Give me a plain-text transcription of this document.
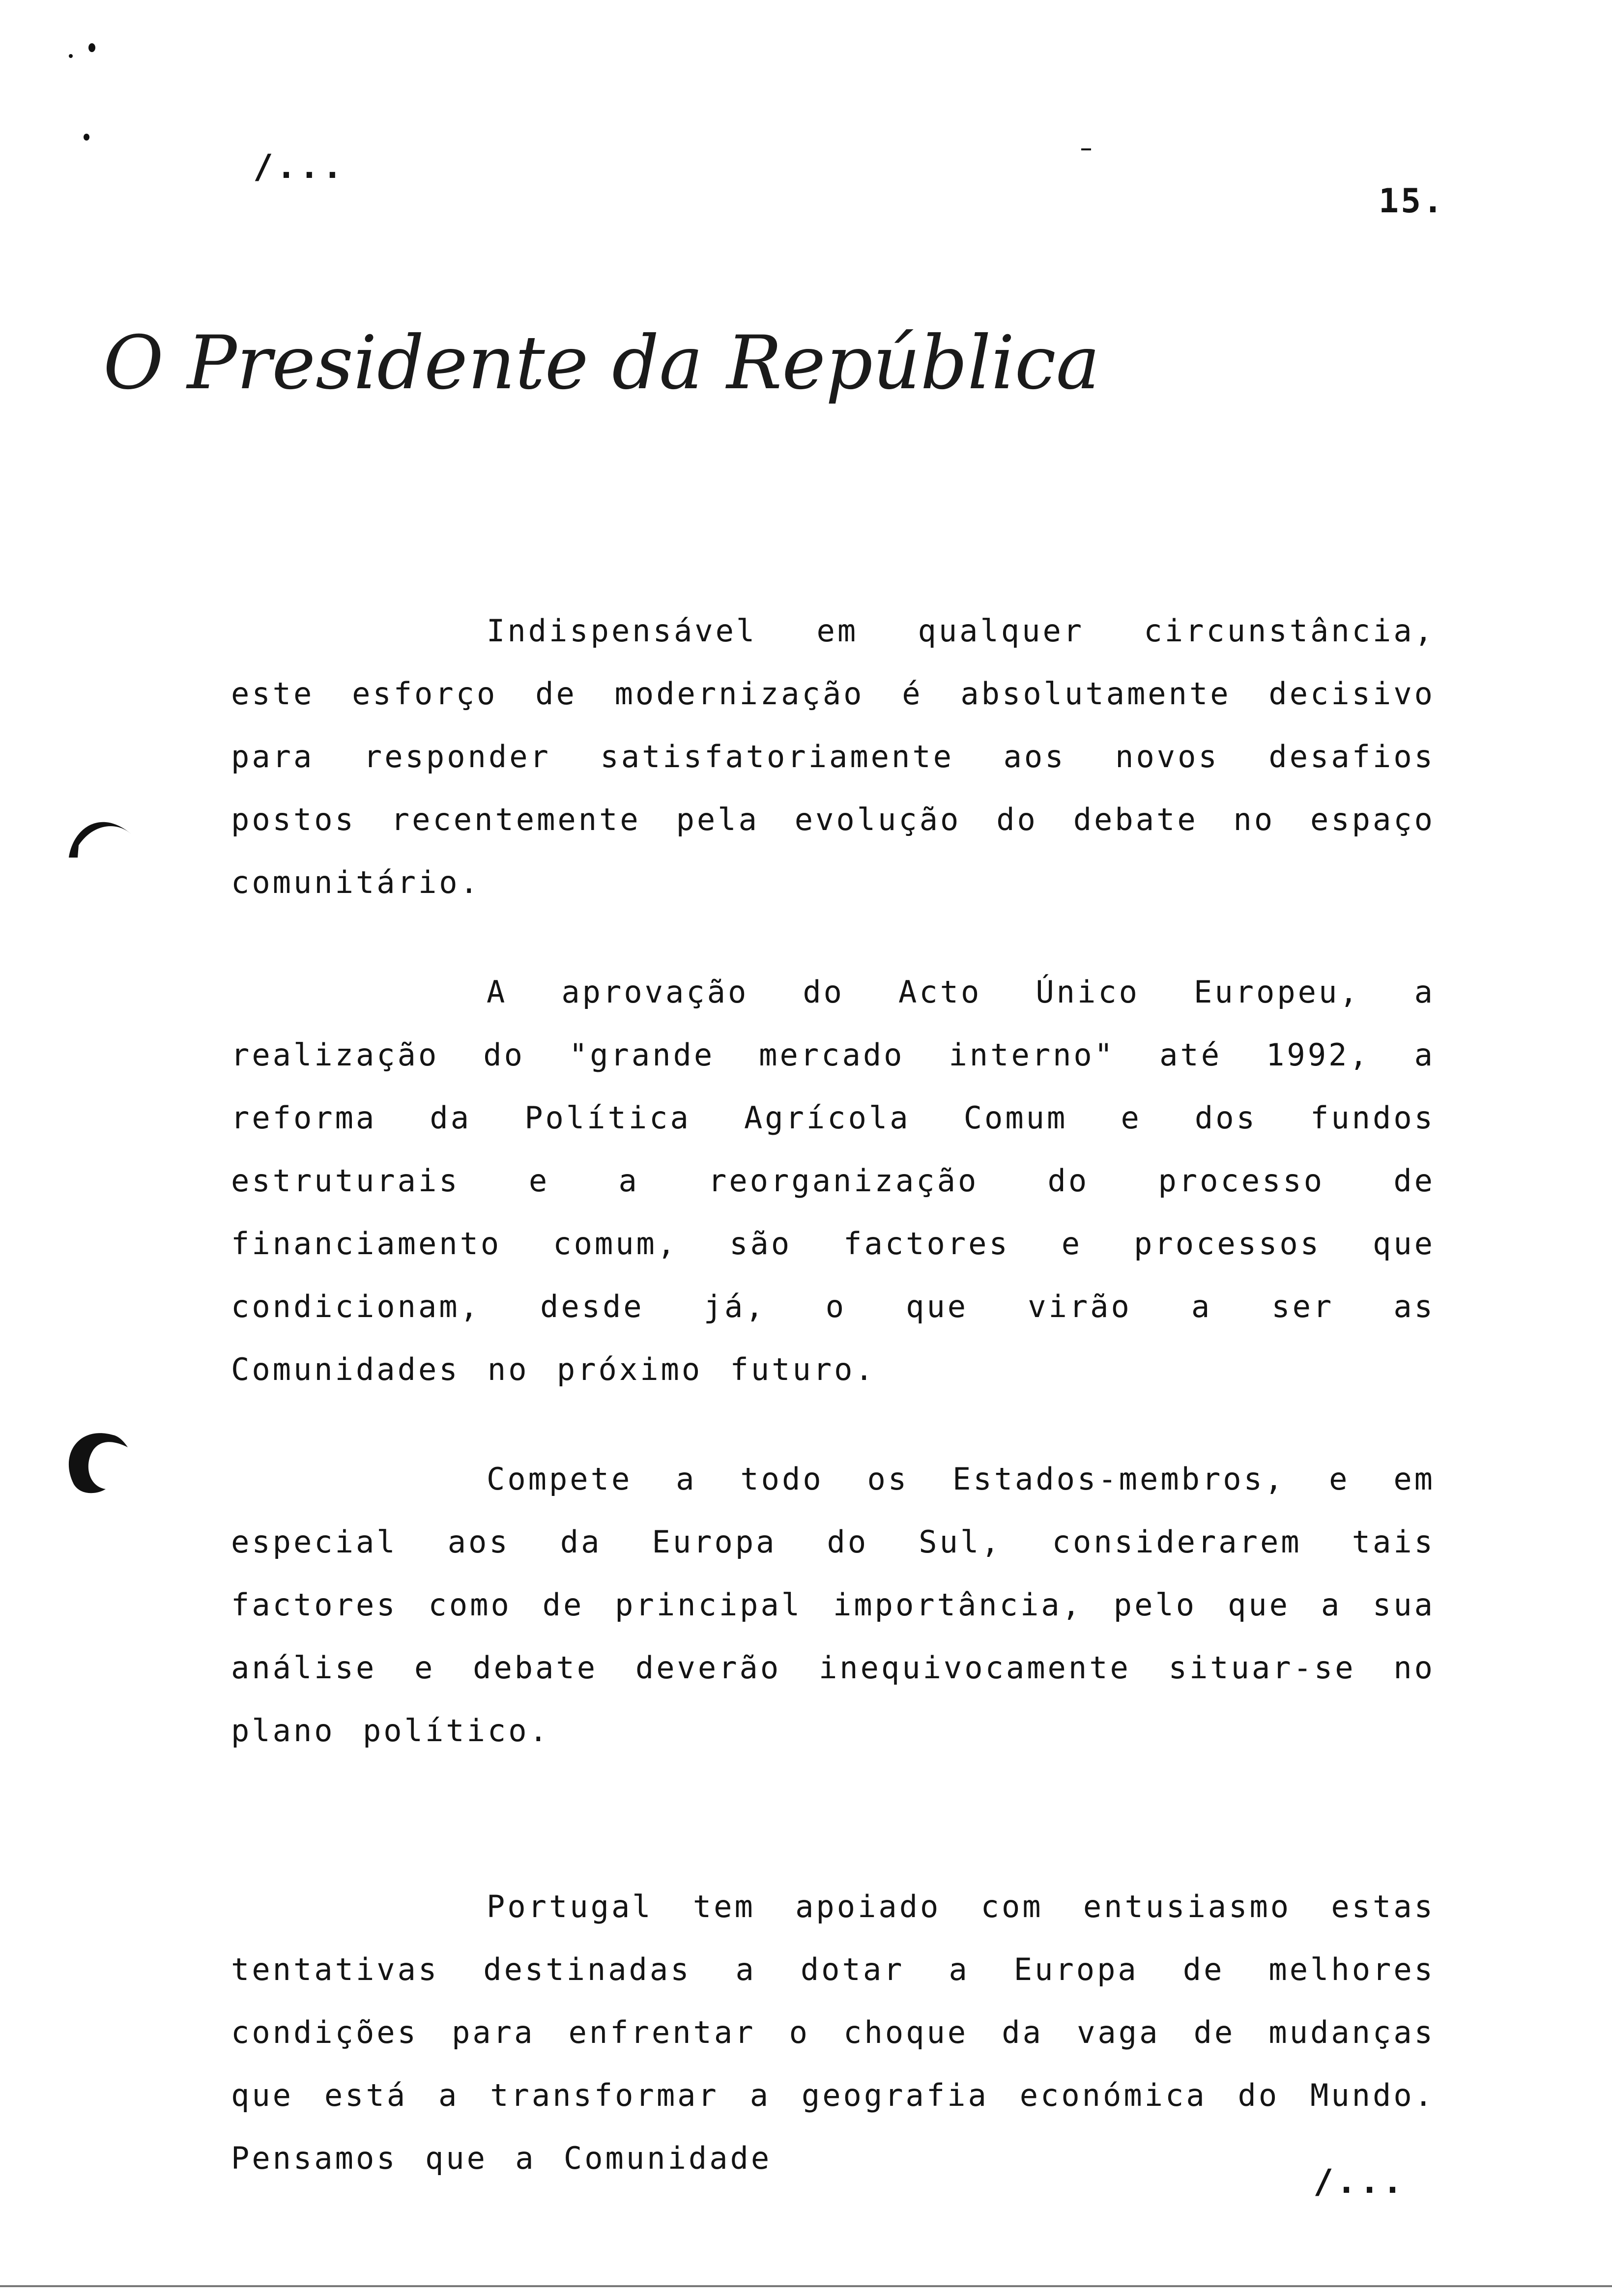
/...
15.
O Presidente da República

Indispensável em qualquer circunstância, este esforço de modernização é absolutamente decisivo para responder satisfatoriamente aos novos desafios postos recentemente pela evolução do debate no espaço comunitário.

A aprovação do Acto Único Europeu, a realização do "grande mercado interno" até 1992, a reforma da Política Agrícola Comum e dos fundos estruturais e a reorganização do processo de financiamento comum, são factores e processos que condicionam, desde já, o que virão a ser as Comunidades no próximo futuro.

Compete a todo os Estados-membros, e em especial aos da Europa do Sul, considerarem tais factores como de principal importância, pelo que a sua análise e debate deverão inequivocamente situar-se no plano político.

Portugal tem apoiado com entusiasmo estas tentativas destinadas a dotar a Europa de melhores condições para enfrentar o choque da vaga de mudanças que está a transformar a geografia económica do Mundo. Pensamos que a Comunidade

/...
